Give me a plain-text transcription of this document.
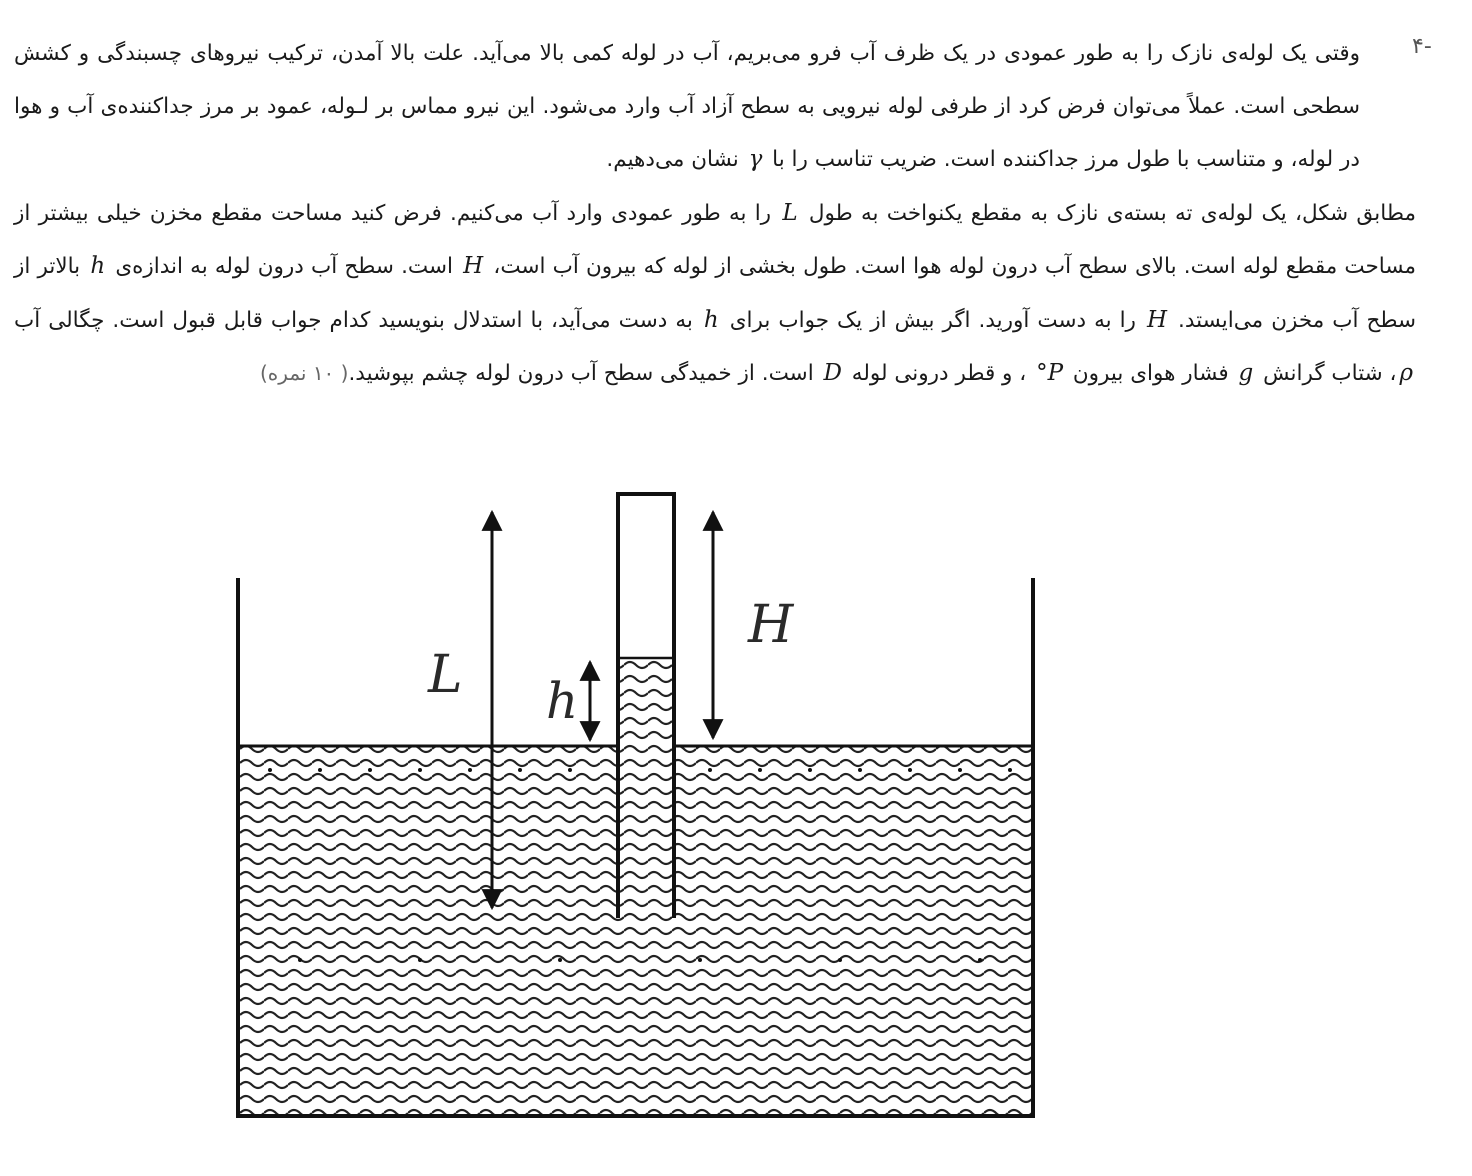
-۴

وقتی یک لوله‌ی نازک را به طور عمودی در یک ظرف آب فرو می‌بریم، آب در لوله کمی بالا می‌آید. علت بالا آمدن، ترکیب نیروهای چسبندگی و کشش سطحی است. عملاً می‌توان فرض کرد از طرفی لوله نیرویی به سطح آزاد آب وارد می‌شود. این نیرو مماس بر لـوله، عمود بر مرز جداکننده‌ی آب و هوا در لوله، و متناسب با طول مرز جداکننده است. ضریب تناسب را با γ نشان می‌دهیم.

مطابق شکل، یک لوله‌ی ته بسته‌ی نازک به مقطع یکنواخت به طول L را به طور عمودی وارد آب می‌کنیم. فرض کنید مساحت مقطع مخزن خیلی بیشتر از مساحت مقطع لوله است. بالای سطح آب درون لوله هوا است. طول بخشی از لوله که بیرون آب است، H است. سطح آب درون لوله به اندازه‌ی h بالاتر از سطح آب مخزن می‌ایستد. H را به دست آورید. اگر بیش از یک جواب برای h به دست می‌آید، با استدلال بنویسید کدام جواب قابل قبول است. چگالی آب ρ، شتاب گرانش g فشار هوای بیرون P° ، و قطر درونی لوله D است. از خمیدگی سطح آب درون لوله چشم بپوشید.( ۱۰ نمره)

L
H
h
